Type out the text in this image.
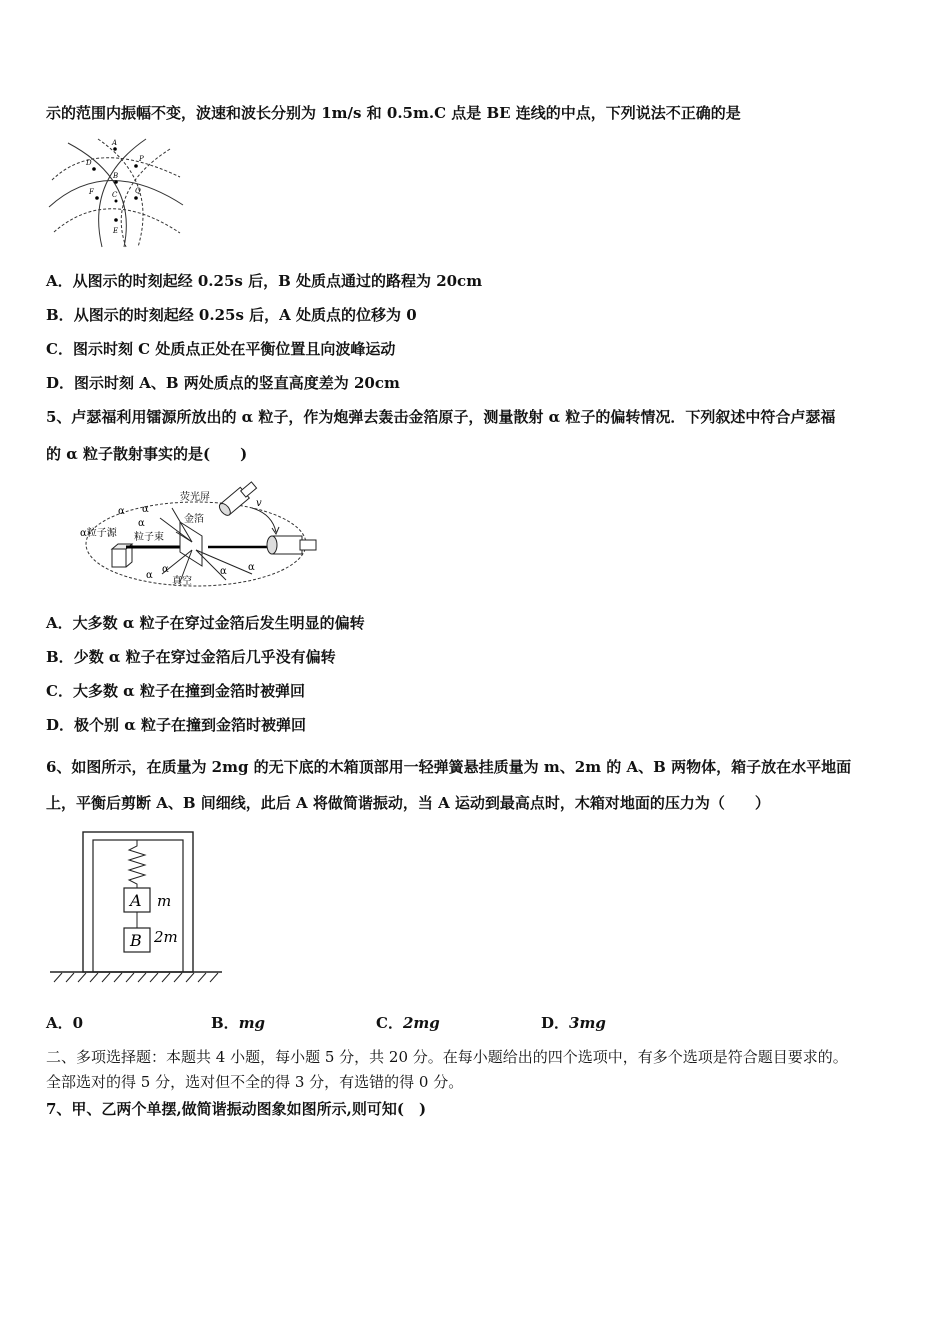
示的范围内振幅不变，波速和波长分别为 1m/s 和 0.5m.C 点是 BE 连线的中点，下列说法不正确的是
A
D	P
B
F	C	Q
E
A．从图示的时刻起经 0.25s 后，B 处质点通过的路程为 20cm
B．从图示的时刻起经 0.25s 后，A 处质点的位移为 0
C．图示时刻 C 处质点正处在平衡位置且向波峰运动
D．图示时刻 A、B 两处质点的竖直高度差为 20cm
5、卢瑟福利用镭源所放出的 α 粒子，作为炮弹去轰击金箔原子，测量散射 α 粒子的偏转情况．下列叙述中符合卢瑟福
的 α 粒子散射事实的是(　　)
α α
α
α
α	α α
α粒子源 粒子束
荧光屏
金箔
真空
v
A．大多数 α 粒子在穿过金箔后发生明显的偏转
B．少数 α 粒子在穿过金箔后几乎没有偏转
C．大多数 α 粒子在撞到金箔时被弹回
D．极个别 α 粒子在撞到金箔时被弹回
6、如图所示，在质量为 2mg 的无下底的木箱顶部用一轻弹簧悬挂质量为 m、2m 的 A、B 两物体，箱子放在水平地面
上，平衡后剪断 A、B 间细线，此后 A 将做简谐振动，当 A 运动到最高点时，木箱对地面的压力为（　　）
A m
B 2m
A．0	B．mg	C．2mg	D．3mg
二、多项选择题：本题共 4 小题，每小题 5 分，共 20 分。在每小题给出的四个选项中，有多个选项是符合题目要求的。
全部选对的得 5 分，选对但不全的得 3 分，有选错的得 0 分。
7、甲、乙两个单摆,做简谐振动图象如图所示,则可知(　)
